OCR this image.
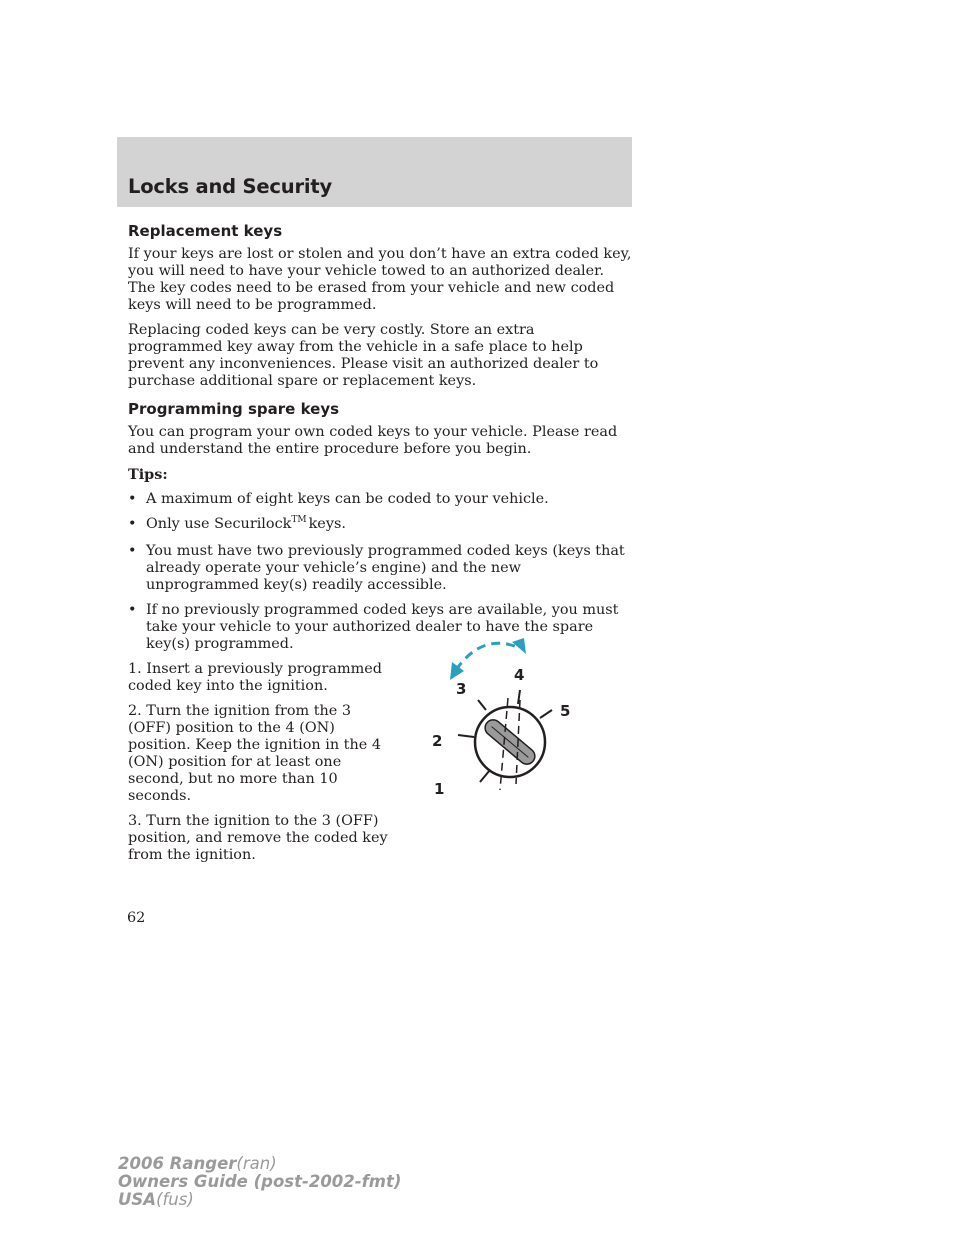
Locks and Security
Replacement keys

If your keys are lost or stolen and you don’t have an extra coded key, you will need to have your vehicle towed to an authorized dealer. The key codes need to be erased from your vehicle and new coded keys will need to be programmed.

Replacing coded keys can be very costly. Store an extra programmed key away from the vehicle in a safe place to help prevent any inconveniences. Please visit an authorized dealer to purchase additional spare or replacement keys.

Programming spare keys

You can program your own coded keys to your vehicle. Please read and understand the entire procedure before you begin.

Tips:

• A maximum of eight keys can be coded to your vehicle.
• Only use Securilock™ keys.
• You must have two previously programmed coded keys (keys that already operate your vehicle’s engine) and the new unprogrammed key(s) readily accessible.
• If no previously programmed coded keys are available, you must take your vehicle to your authorized dealer to have the spare key(s) programmed.

1. Insert a previously programmed coded key into the ignition.

2. Turn the ignition from the 3 (OFF) position to the 4 (ON) position. Keep the ignition in the 4 (ON) position for at least one second, but no more than 10 seconds.

3. Turn the ignition to the 3 (OFF) position, and remove the coded key from the ignition.

1
2
3
4
5

62

2006 Ranger(ran)
Owners Guide (post-2002-fmt)
USA(fus)
